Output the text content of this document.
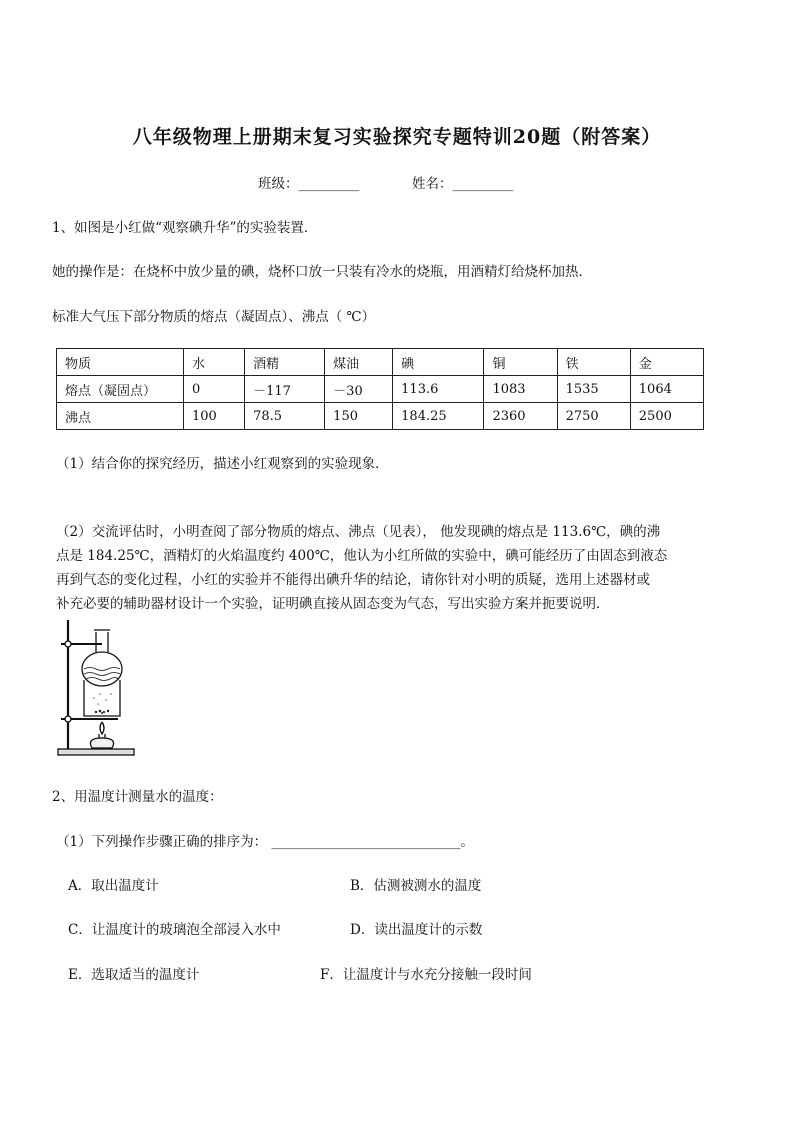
八年级物理上册期末复习实验探究专题特训20题（附答案）
班级：_________	姓名：_________
1、如图是小红做“观察碘升华”的实验装置．
她的操作是：在烧杯中放少量的碘，烧杯口放一只装有冷水的烧瓶，用酒精灯给烧杯加热．
标准大气压下部分物质的熔点（凝固点）、沸点（ ℃）
物质	水	酒精	煤油	碘	铜	铁	金
熔点（凝固点）	0	－117	－30	113.6	1083	1535	1064
沸点	100	78.5	150	184.25	2360	2750	2500
（1）结合你的探究经历，描述小红观察到的实验现象．
（2）交流评估时，小明查阅了部分物质的熔点、沸点（见表）， 他发现碘的熔点是 113.6℃，碘的沸
点是 184.25℃，酒精灯的火焰温度约 400℃，他认为小红所做的实验中，碘可能经历了由固态到液态
再到气态的变化过程，小红的实验并不能得出碘升华的结论，请你针对小明的质疑，选用上述器材或
补充必要的辅助器材设计一个实验，证明碘直接从固态变为气态，写出实验方案并扼要说明．
2、用温度计测量水的温度：
（1）下列操作步骤正确的排序为： ____________________________。
A．取出温度计	B．估测被测水的温度
C．让温度计的玻璃泡全部浸入水中	D．读出温度计的示数
E．选取适当的温度计	F．让温度计与水充分接触一段时间
